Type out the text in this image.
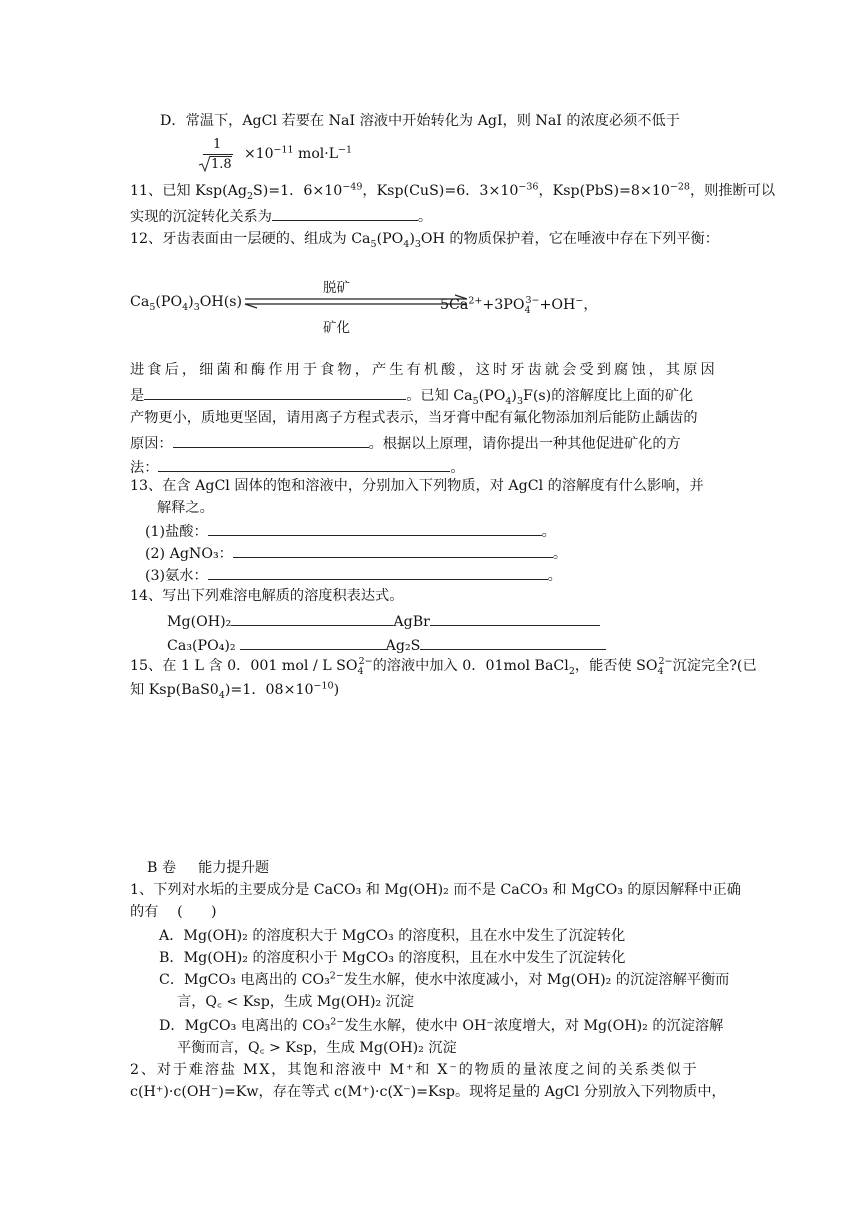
D．常温下，AgCl 若要在 NaI 溶液中开始转化为 AgI，则 NaI 的浓度必须不低于
1
1.8
$\times 10^{-11}$ $mol\cdot L^{-1}$
11、已知 $Ksp(Ag_2S)=1$．$6\times 10^{-49}$，Ksp(CuS)=6．$3\times 10^{-36}$，$Ksp(PbS)=8\times 10^{-28}$，则推断可以
实现的沉淀转化关系为	。
12、牙齿表面由一层硬的、组成为 $Ca_5(PO_4)_3OH$ 的物质保护着，它在唾液中存在下列平衡：
脱矿
$Ca_5(PO_4)_3OH(s)$	$5Ca^{2+}+3PO_4^{3-}+OH^-$，
矿化
进食后，细菌和酶作用于食物，产生有机酸，这时牙齿就会受到腐蚀，其原因
是	。已知 $Ca_5(PO_4)_3F(s)$的溶解度比上面的矿化
产物更小，质地更坚固，请用离子方程式表示，当牙膏中配有氟化物添加剂后能防止龋齿的
原因：	。根据以上原理，请你提出一种其他促进矿化的方
法：	。
13、在含 AgCl 固体的饱和溶液中，分别加入下列物质，对 AgCl 的溶解度有什么影响，并
解释之。
(1)盐酸：	。
(2) AgNO₃：	。
(3)氨水：	。
14、写出下列难溶电解质的溶度积表达式。
Mg(OH)₂	AgBr
Ca₃(PO₄)₂	Ag₂S
15、在 1 L 含 0．001 mol / L $SO_4^{2-}$的溶液中加入 0．01mol BaCl$_2$，能否使 $SO_4^{2-}$沉淀完全?(已
知 $Ksp(BaS0_4)=1$．$08\times 10^{-10}$)
B 卷 能力提升题
1、下列对水垢的主要成分是 CaCO₃ 和 Mg(OH)₂ 而不是 CaCO₃ 和 MgCO₃ 的原因解释中正确
的有　 (　　)
A．Mg(OH)₂ 的溶度积大于 MgCO₃ 的溶度积，且在水中发生了沉淀转化
B．Mg(OH)₂ 的溶度积小于 MgCO₃ 的溶度积，且在水中发生了沉淀转化
C．MgCO₃ 电离出的 CO₃$^{2-}$发生水解，使水中浓度减小，对 Mg(OH)₂ 的沉淀溶解平衡而
言，Q꜀ < Ksp，生成 Mg(OH)₂ 沉淀
D．MgCO₃ 电离出的 CO₃$^{2-}$发生水解，使水中 OH⁻浓度增大，对 Mg(OH)₂ 的沉淀溶解
平衡而言，Q꜀ > Ksp，生成 Mg(OH)₂ 沉淀
2、对于难溶盐 MX，其饱和溶液中 M⁺和 X⁻的物质的量浓度之间的关系类似于
c(H⁺)·c(OH⁻)=Kw，存在等式 c(M⁺)·c(X⁻)=Ksp。现将足量的 AgCl 分别放入下列物质中，
